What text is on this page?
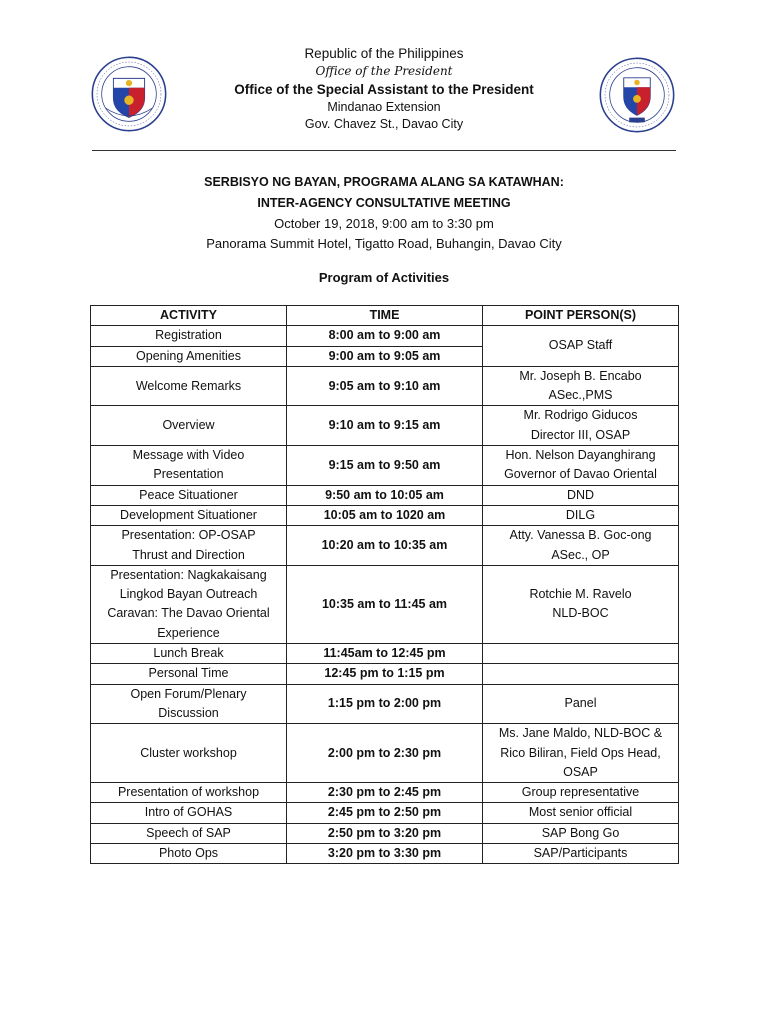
Republic of the Philippines
Office of the President
Office of the Special Assistant to the President
Mindanao Extension
Gov. Chavez St., Davao City
SERBISYO NG BAYAN, PROGRAMA ALANG SA KATAWHAN:
INTER-AGENCY CONSULTATIVE MEETING
October 19, 2018, 9:00 am to 3:30 pm
Panorama Summit Hotel, Tigatto Road, Buhangin, Davao City
Program of Activities
ACTIVITY	TIME	POINT PERSON(S)
Registration	8:00 am to 9:00 am	OSAP Staff
Opening Amenities	9:00 am to 9:05 am	
Welcome Remarks	9:05 am to 9:10 am	Mr. Joseph B. Encabo
ASec.,PMS
Overview	9:10 am to 9:15 am	Mr. Rodrigo Giducos
Director III, OSAP
Message with Video
Presentation	9:15 am to 9:50 am	Hon. Nelson Dayanghirang
Governor of Davao Oriental
Peace Situationer	9:50 am to 10:05 am	DND
Development Situationer	10:05 am to 1020 am	DILG
Presentation: OP-OSAP
Thrust and Direction	10:20 am to 10:35 am	Atty. Vanessa B. Goc-ong
ASec., OP
Presentation: Nagkakaisang
Lingkod Bayan Outreach
Caravan: The Davao Oriental
Experience	10:35 am to 11:45 am	Rotchie M. Ravelo
NLD-BOC
Lunch Break	11:45am to 12:45 pm	
Personal Time	12:45 pm to 1:15 pm	
Open Forum/Plenary
Discussion	1:15 pm to 2:00 pm	Panel
Cluster workshop	2:00 pm to 2:30 pm	Ms. Jane Maldo, NLD-BOC &
Rico Biliran, Field Ops Head,
OSAP
Presentation of workshop	2:30 pm to 2:45 pm	Group representative
Intro of GOHAS	2:45 pm to 2:50 pm	Most senior official
Speech of SAP	2:50 pm to 3:20 pm	SAP Bong Go
Photo Ops	3:20 pm to 3:30 pm	SAP/Participants
